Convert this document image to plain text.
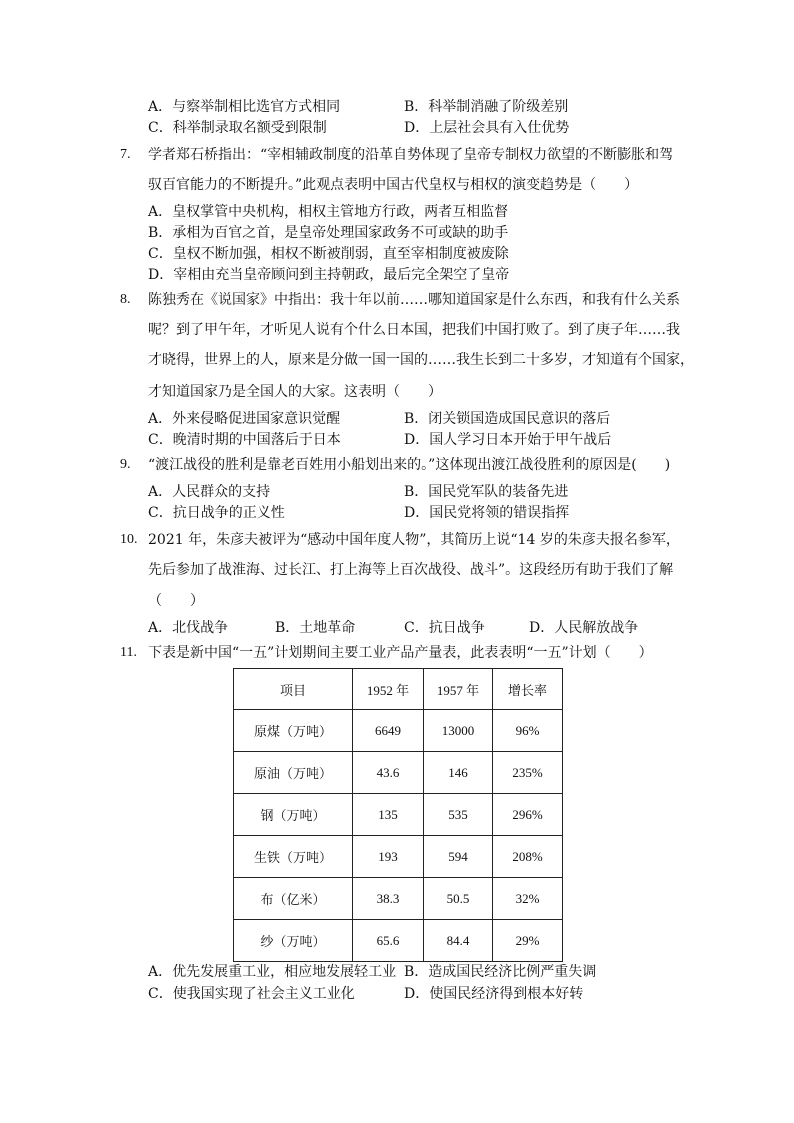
A．与察举制相比选官方式相同	B．科举制消融了阶级差别
C．科举制录取名额受到限制	D．上层社会具有入仕优势
7. 学者郑石桥指出：“宰相辅政制度的沿革自势体现了皇帝专制权力欲望的不断膨胀和驾
驭百官能力的不断提升。”此观点表明中国古代皇权与相权的演变趋势是（　　）
A．皇权掌管中央机构，相权主管地方行政，两者互相监督
B．承相为百官之首，是皇帝处理国家政务不可或缺的助手
C．皇权不断加强，相权不断被削弱，直至宰相制度被废除
D．宰相由充当皇帝顾问到主持朝政，最后完全架空了皇帝
8. 陈独秀在《说国家》中指出：我十年以前……哪知道国家是什么东西，和我有什么关系
呢？到了甲午年，才听见人说有个什么日本国，把我们中国打败了。到了庚子年……我
才晓得，世界上的人，原来是分做一国一国的……我生长到二十多岁，才知道有个国家，
才知道国家乃是全国人的大家。这表明（　　）
A．外来侵略促进国家意识觉醒	B．闭关锁国造成国民意识的落后
C．晚清时期的中国落后于日本	D．国人学习日本开始于甲午战后
9. “渡江战役的胜利是靠老百姓用小船划出来的。”这体现出渡江战役胜利的原因是(　　)
A．人民群众的支持	B．国民党军队的装备先进
C．抗日战争的正义性	D．国民党将领的错误指挥
10. 2021 年，朱彦夫被评为“感动中国年度人物”，其简历上说“14 岁的朱彦夫报名参军，
先后参加了战淮海、过长江、打上海等上百次战役、战斗”。这段经历有助于我们了解
（　　）
A．北伐战争	B．土地革命	C．抗日战争	D．人民解放战争
11. 下表是新中国“一五”计划期间主要工业产品产量表，此表表明“一五”计划（　　）
项目	1952 年	1957 年	增长率
原煤（万吨）	6649	13000	96%
原油（万吨）	43.6	146	235%
钢（万吨）	135	535	296%
生铁（万吨）	193	594	208%
布（亿米）	38.3	50.5	32%
纱（万吨）	65.6	84.4	29%
A．优先发展重工业，相应地发展轻工业 B．造成国民经济比例严重失调
C．使我国实现了社会主义工业化	D．使国民经济得到根本好转
